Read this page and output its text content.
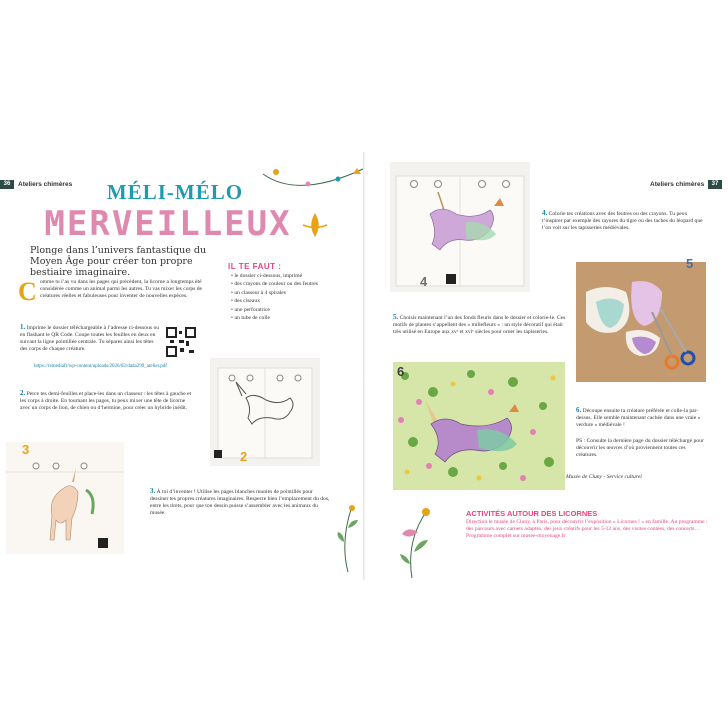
36	Ateliers chimères	Ateliers chimères	37
MÉLI-MÉLO
MERVEILLEUX
Plonge dans l’univers fantastique du Moyen Âge pour créer ton propre bestiaire imaginaire.
C omme tu l’as vu dans les pages qui précèdent, la licorne a longtemps été considérée comme un animal parmi les autres. Tu vas mixer les corps de créatures réelles et fabuleuses pour inventer de nouvelles espèces.
IL TE FAUT :
• le dossier ci-dessous, imprimé
• des crayons de couleur ou des feutres
• un classeur à 4 spirales
• des ciseaux
• une perforatrice
• un tube de colle
1. Imprime le dossier téléchargeable à l’adresse ci-dessous ou en flashant le QR Code. Coupe toutes les feuilles en deux en suivant la ligne pointillée centrale. Tu sépares ainsi les têtes des corps de chaque créature.
https://remediafr/wp-content/uploads/2026/02/dada299_atelier.pdf
2. Perce tes demi-feuilles et place-les dans un classeur : les têtes à gauche et les corps à droite. En tournant les pages, tu peux mixer une tête de licorne avec un corps de lion, de chien ou d’hermine, pour créer un hybride inédit.
2
3
3. À toi d’inventer ! Utilise les pages blanches munies de pointillés pour dessiner tes propres créatures imaginaires. Respecte bien l’emplacement du dos, entre les tirets, pour que ton dessin puisse s’assembler avec les animaux du musée.
4
4. Colorie tes créations avec des feutres ou des crayons. Tu peux t’inspirer par exemple des rayures du tigre ou des taches du léopard que l’on voit sur les tapisseries médiévales.
5
5. Choisis maintenant l’un des fonds fleuris dans le dossier et colorie-le. Ces motifs de plantes s’appellent des « millefleurs » : un style décoratif qui était très utilisé en Europe aux xvᵉ et xviᵉ siècles pour orner les tapisseries.
6
6. Découpe ensuite ta créature préférée et colle-la par-dessus. Elle semble maintenant cachée dans une vraie « verdure » médiévale !
PS : Consulte la dernière page du dossier téléchargé pour découvrir les œuvres d’où proviennent toutes ces créatures.
Musée de Cluny - Service culturel
ACTIVITÉS AUTOUR DES LICORNES
Direction le musée de Cluny, à Paris, pour découvrir l’exposition « Licornes ! » en famille. Au programme : des parcours avec carnets adaptés, des jeux créatifs pour les 5-12 ans, des visites contées, des concerts… Programme complet sur musee-moyenage.fr
